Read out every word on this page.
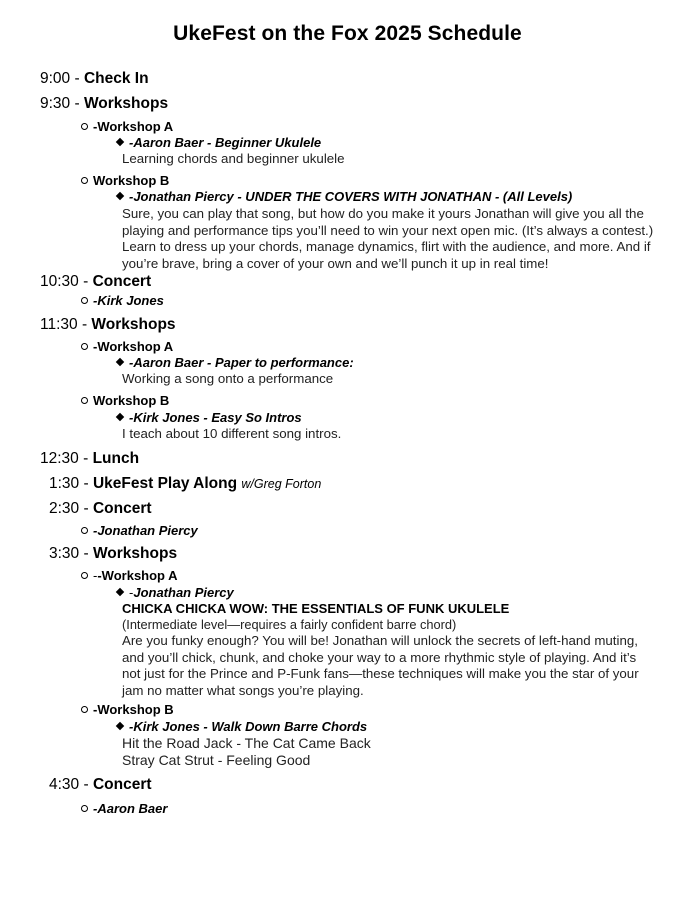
UkeFest on the Fox 2025 Schedule
9:00 - Check In
9:30 - Workshops
-Workshop A
-Aaron Baer - Beginner Ukulele
Learning chords and beginner ukulele
Workshop B
-Jonathan Piercy - UNDER THE COVERS WITH JONATHAN - (All Levels)
Sure, you can play that song, but how do you make it yours Jonathan will give you all the playing and performance tips you’ll need to win your next open mic. (It’s always a contest.) Learn to dress up your chords, manage dynamics, flirt with the audience, and more. And if you’re brave, bring a cover of your own and we’ll punch it up in real time!
10:30 - Concert
-Kirk Jones
11:30 - Workshops
-Workshop A
-Aaron Baer - Paper to performance:
Working a song onto a performance
Workshop B
-Kirk Jones - Easy So Intros
I teach about 10 different song intros.
12:30 - Lunch
1:30 - UkeFest Play Along w/Greg Forton
2:30 - Concert
-Jonathan Piercy
3:30 - Workshops
--Workshop A
-Jonathan Piercy
CHICKA CHICKA WOW: THE ESSENTIALS OF FUNK UKULELE
(Intermediate level—requires a fairly confident barre chord)
Are you funky enough? You will be! Jonathan will unlock the secrets of left-hand muting, and you’ll chick, chunk, and choke your way to a more rhythmic style of playing. And it’s not just for the Prince and P-Funk fans—these techniques will make you the star of your jam no matter what songs you’re playing.
-Workshop B
-Kirk Jones - Walk Down Barre Chords
Hit the Road Jack - The Cat Came Back
Stray Cat Strut - Feeling Good
4:30 - Concert
-Aaron Baer
